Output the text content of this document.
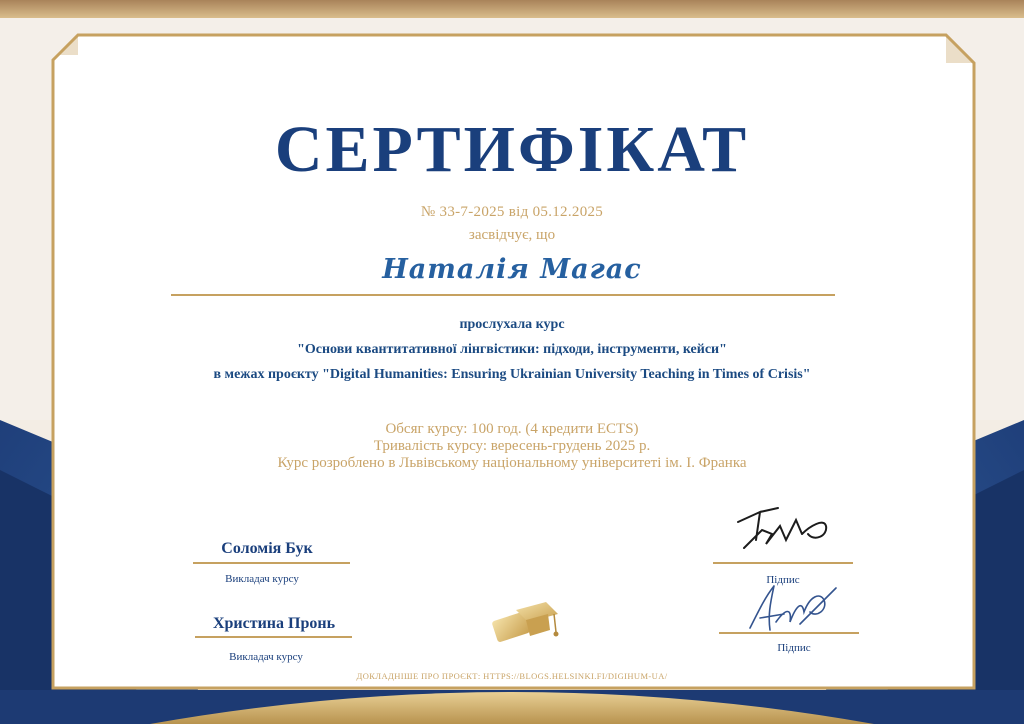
СЕРТИФІКАТ
№ 33-7-2025 від 05.12.2025
засвідчує, що
Наталія Магас
прослухала курс
"Основи квантитативної лінгвістики: підходи, інструменти, кейси"
в межах проєкту "Digital Humanities: Ensuring Ukrainian University Teaching in Times of Crisis"
Обсяг курсу: 100 год. (4 кредити ECTS)
Тривалість курсу: вересень-грудень 2025 р.
Курс розроблено в Львівському національному університеті ім. І. Франка
Соломія Бук
Викладач курсу
Христина Пронь
Викладач курсу
Підпис
Підпис
ДОКЛАДНІШЕ ПРО ПРОЄКТ: HTTPS://BLOGS.HELSINKI.FI/DIGIHUM-UA/
